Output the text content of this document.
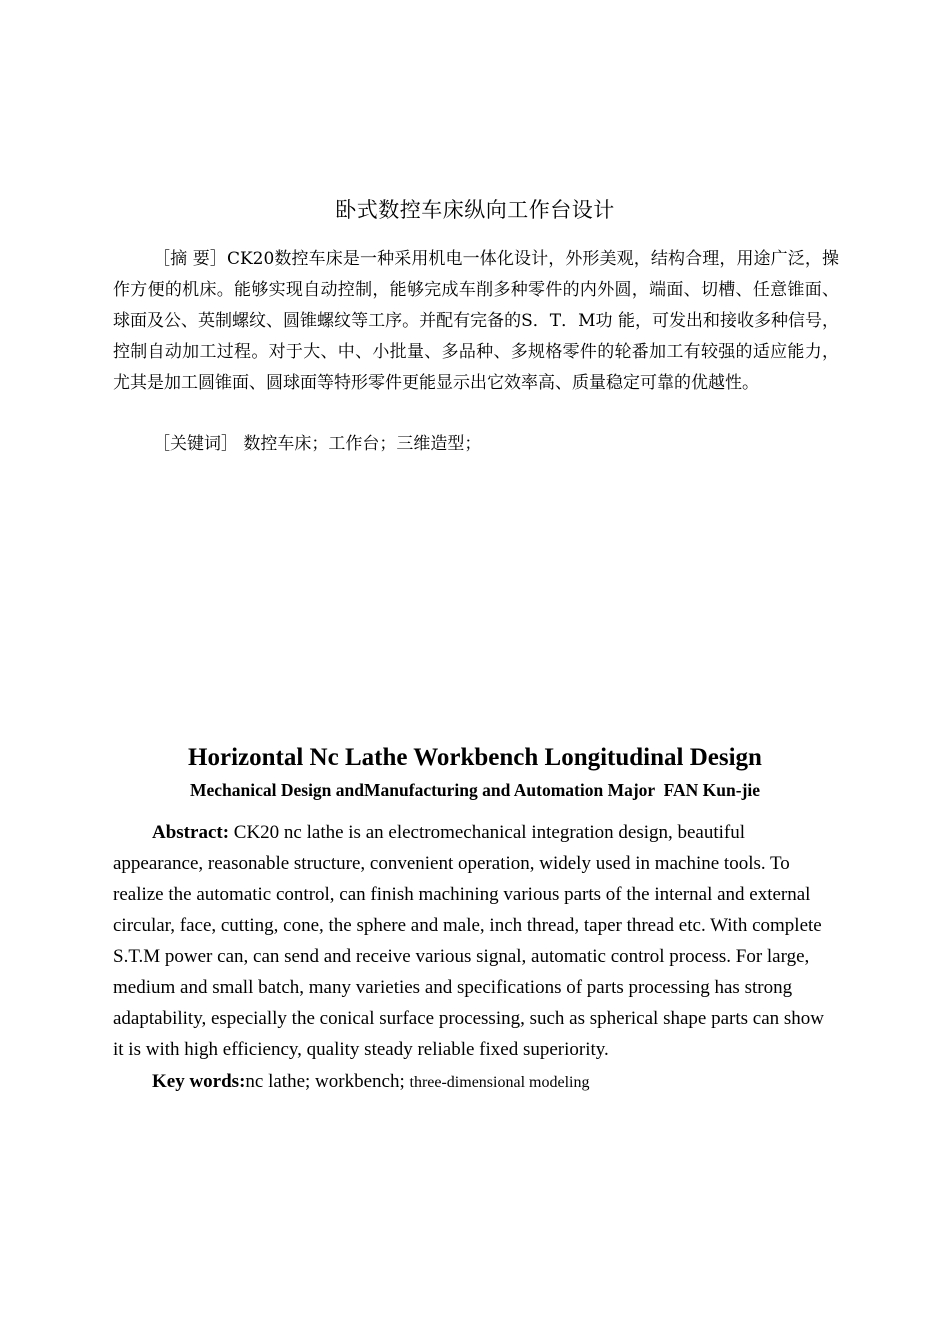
卧式数控车床纵向工作台设计

［摘 要］CK20数控车床是一种采用机电一体化设计，外形美观，结构合理，用途广泛，操作方便的机床。能够实现自动控制，能够完成车削多种零件的内外圆，端面、切槽、任意锥面、球面及公、英制螺纹、圆锥螺纹等工序。并配有完备的S．T．M功 能，可发出和接收多种信号，控制自动加工过程。对于大、中、小批量、多品种、多规格零件的轮番加工有较强的适应能力，尤其是加工圆锥面、圆球面等特形零件更能显示出它效率高、质量稳定可靠的优越性。

［关键词］ 数控车床；工作台；三维造型；

Horizontal Nc Lathe Workbench Longitudinal Design
Mechanical Design andManufacturing and Automation Major  FAN Kun-jie

Abstract: CK20 nc lathe is an electromechanical integration design, beautiful appearance, reasonable structure, convenient operation, widely used in machine tools. To realize the automatic control, can finish machining various parts of the internal and external circular, face, cutting, cone, the sphere and male, inch thread, taper thread etc. With complete S.T.M power can, can send and receive various signal, automatic control process. For large, medium and small batch, many varieties and specifications of parts processing has strong adaptability, especially the conical surface processing, such as spherical shape parts can show it is with high efficiency, quality steady reliable fixed superiority.

Key words:nc lathe; workbench; three-dimensional modeling
